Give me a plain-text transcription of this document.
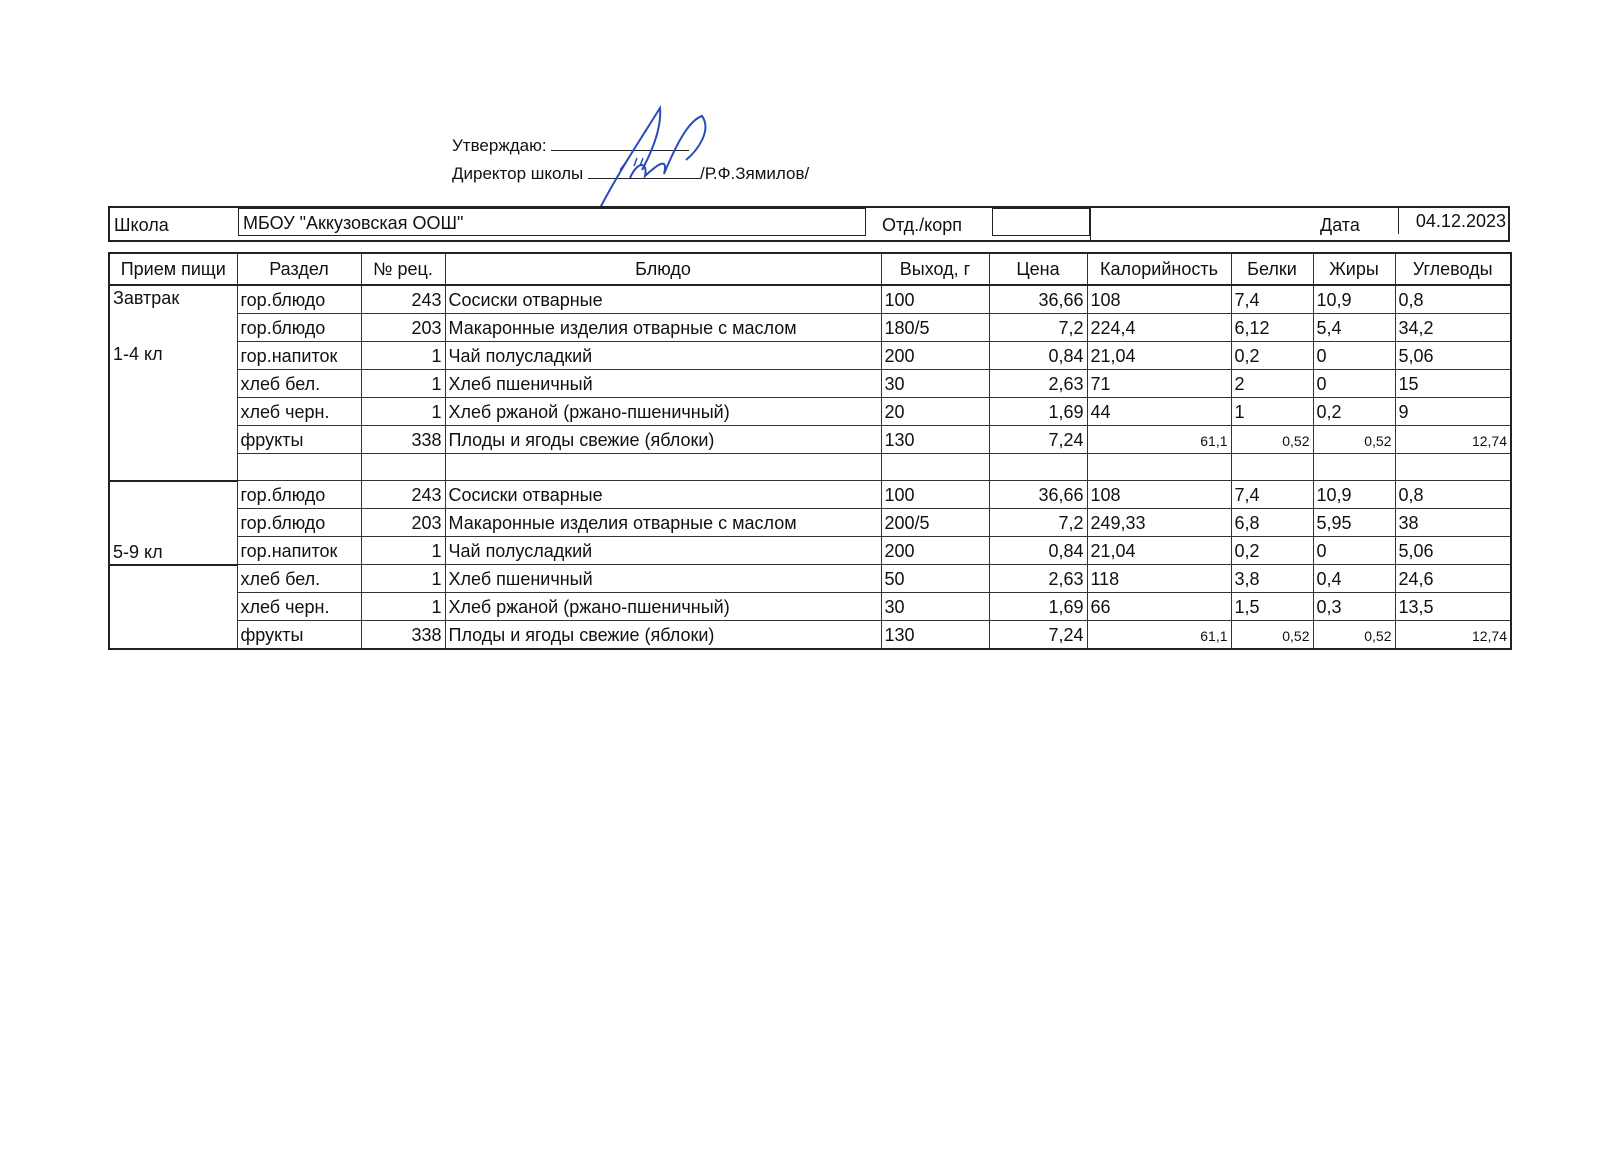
Утверждаю:
Директор школы	/Р.Ф.Зямилов/
Школа	МБОУ "Аккузовская ООШ"	Отд./корп	Дата	04.12.2023
Прием пищи	Раздел	№ рец.	Блюдо	Выход, г	Цена	Калорийность	Белки	Жиры	Углеводы
Завтрак	гор.блюдо	243	Сосиски отварные	100	36,66	108	7,4	10,9	0,8
	гор.блюдо	203	Макаронные изделия отварные с маслом	180/5	7,2	224,4	6,12	5,4	34,2
1-4 кл	гор.напиток	1	Чай полусладкий	200	0,84	21,04	0,2	0	5,06
	хлеб бел.	1	Хлеб пшеничный	30	2,63	71	2	0	15
	хлеб черн.	1	Хлеб ржаной (ржано-пшеничный)	20	1,69	44	1	0,2	9
	фрукты	338	Плоды и ягоды свежие (яблоки)	130	7,24	61,1	0,52	0,52	12,74

	гор.блюдо	243	Сосиски отварные	100	36,66	108	7,4	10,9	0,8
	гор.блюдо	203	Макаронные изделия отварные с маслом	200/5	7,2	249,33	6,8	5,95	38
5-9 кл	гор.напиток	1	Чай полусладкий	200	0,84	21,04	0,2	0	5,06
	хлеб бел.	1	Хлеб пшеничный	50	2,63	118	3,8	0,4	24,6
	хлеб черн.	1	Хлеб ржаной (ржано-пшеничный)	30	1,69	66	1,5	0,3	13,5
	фрукты	338	Плоды и ягоды свежие (яблоки)	130	7,24	61,1	0,52	0,52	12,74
